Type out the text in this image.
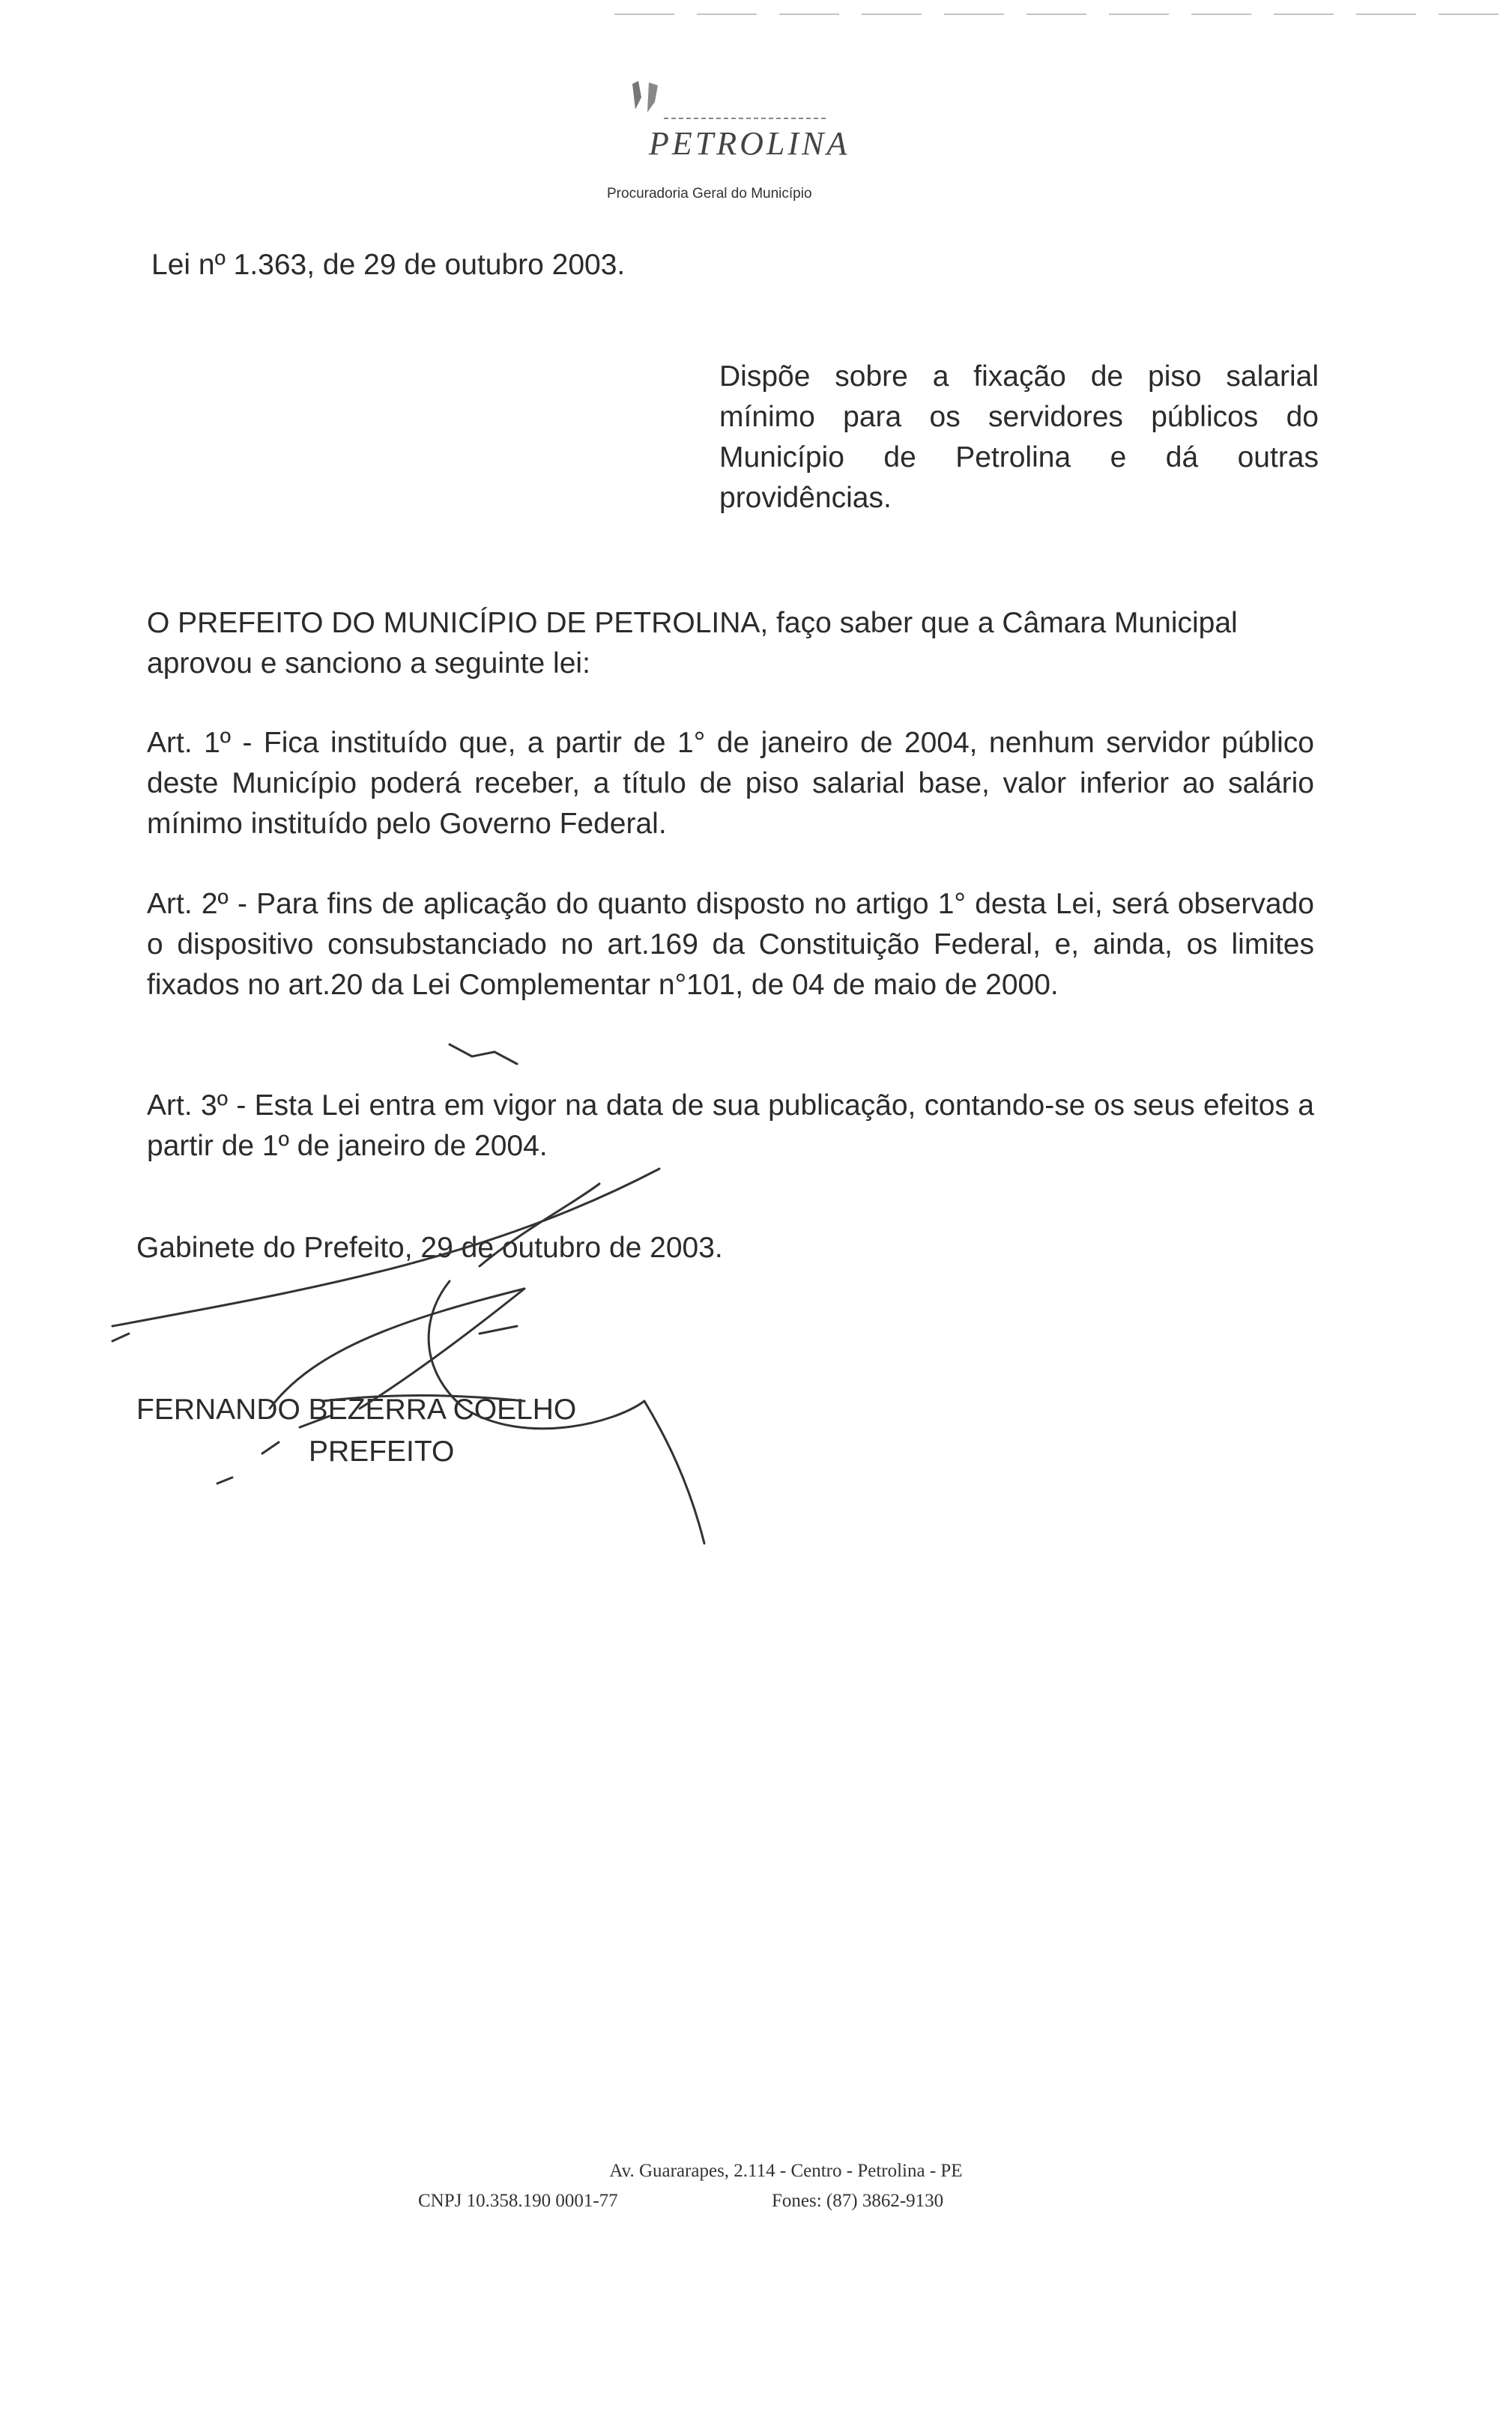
PETROLINA
Procuradoria Geral do Município
Lei nº 1.363, de 29 de outubro 2003.

Dispõe sobre a fixação de piso salarial mínimo para os servidores públicos do Município de Petrolina e dá outras providências.

O PREFEITO DO MUNICÍPIO DE PETROLINA, faço saber que a Câmara Municipal aprovou e sanciono a seguinte lei:

Art. 1º - Fica instituído que, a partir de 1° de janeiro de 2004, nenhum servidor público deste Município poderá receber, a título de piso salarial base, valor inferior ao salário mínimo instituído pelo Governo Federal.

Art. 2º - Para fins de aplicação do quanto disposto no artigo 1° desta Lei, será observado o dispositivo consubstanciado no art.169 da Constituição Federal, e, ainda, os limites fixados no art.20 da Lei Complementar n°101, de 04 de maio de 2000.

Art. 3º - Esta Lei entra em vigor na data de sua publicação, contando-se os seus efeitos a partir de 1º de janeiro de 2004.

Gabinete do Prefeito, 29 de outubro de 2003.
FERNANDO BEZERRA COELHO
PREFEITO
Av. Guararapes, 2.114 - Centro - Petrolina - PE
CNPJ 10.358.190 0001-77	Fones: (87) 3862-9130
